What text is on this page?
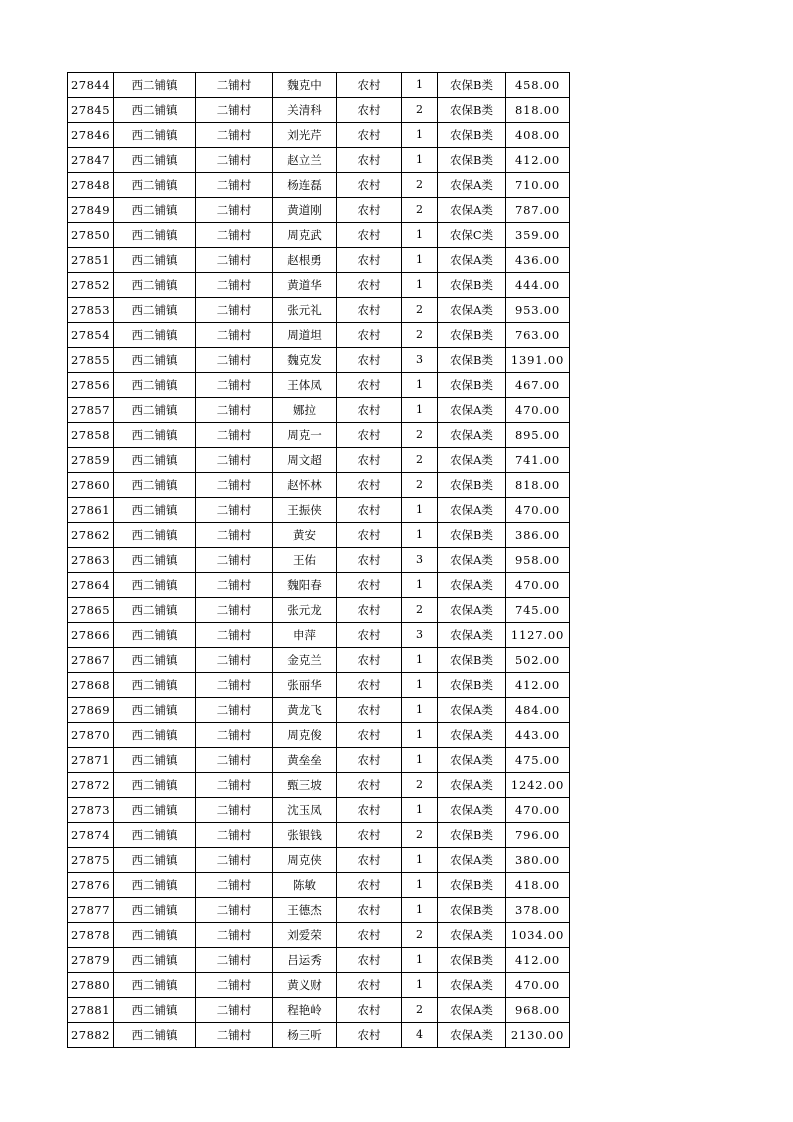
27844	西二铺镇	二铺村	魏克中	农村	1	农保B类	458.00
27845	西二铺镇	二铺村	关清科	农村	2	农保B类	818.00
27846	西二铺镇	二铺村	刘光芹	农村	1	农保B类	408.00
27847	西二铺镇	二铺村	赵立兰	农村	1	农保B类	412.00
27848	西二铺镇	二铺村	杨连磊	农村	2	农保A类	710.00
27849	西二铺镇	二铺村	黄道刚	农村	2	农保A类	787.00
27850	西二铺镇	二铺村	周克武	农村	1	农保C类	359.00
27851	西二铺镇	二铺村	赵根勇	农村	1	农保A类	436.00
27852	西二铺镇	二铺村	黄道华	农村	1	农保B类	444.00
27853	西二铺镇	二铺村	张元礼	农村	2	农保A类	953.00
27854	西二铺镇	二铺村	周道坦	农村	2	农保B类	763.00
27855	西二铺镇	二铺村	魏克发	农村	3	农保B类	1391.00
27856	西二铺镇	二铺村	王体凤	农村	1	农保B类	467.00
27857	西二铺镇	二铺村	娜拉	农村	1	农保A类	470.00
27858	西二铺镇	二铺村	周克一	农村	2	农保A类	895.00
27859	西二铺镇	二铺村	周文超	农村	2	农保A类	741.00
27860	西二铺镇	二铺村	赵怀林	农村	2	农保B类	818.00
27861	西二铺镇	二铺村	王振侠	农村	1	农保A类	470.00
27862	西二铺镇	二铺村	黄安	农村	1	农保B类	386.00
27863	西二铺镇	二铺村	王佑	农村	3	农保A类	958.00
27864	西二铺镇	二铺村	魏阳春	农村	1	农保A类	470.00
27865	西二铺镇	二铺村	张元龙	农村	2	农保A类	745.00
27866	西二铺镇	二铺村	申萍	农村	3	农保A类	1127.00
27867	西二铺镇	二铺村	金克兰	农村	1	农保B类	502.00
27868	西二铺镇	二铺村	张丽华	农村	1	农保B类	412.00
27869	西二铺镇	二铺村	黄龙飞	农村	1	农保A类	484.00
27870	西二铺镇	二铺村	周克俊	农村	1	农保A类	443.00
27871	西二铺镇	二铺村	黄垒垒	农村	1	农保A类	475.00
27872	西二铺镇	二铺村	甄三坡	农村	2	农保A类	1242.00
27873	西二铺镇	二铺村	沈玉凤	农村	1	农保A类	470.00
27874	西二铺镇	二铺村	张银钱	农村	2	农保B类	796.00
27875	西二铺镇	二铺村	周克侠	农村	1	农保A类	380.00
27876	西二铺镇	二铺村	陈敏	农村	1	农保B类	418.00
27877	西二铺镇	二铺村	王德杰	农村	1	农保B类	378.00
27878	西二铺镇	二铺村	刘爱荣	农村	2	农保A类	1034.00
27879	西二铺镇	二铺村	吕运秀	农村	1	农保B类	412.00
27880	西二铺镇	二铺村	黄义财	农村	1	农保A类	470.00
27881	西二铺镇	二铺村	程艳岭	农村	2	农保A类	968.00
27882	西二铺镇	二铺村	杨三听	农村	4	农保A类	2130.00
